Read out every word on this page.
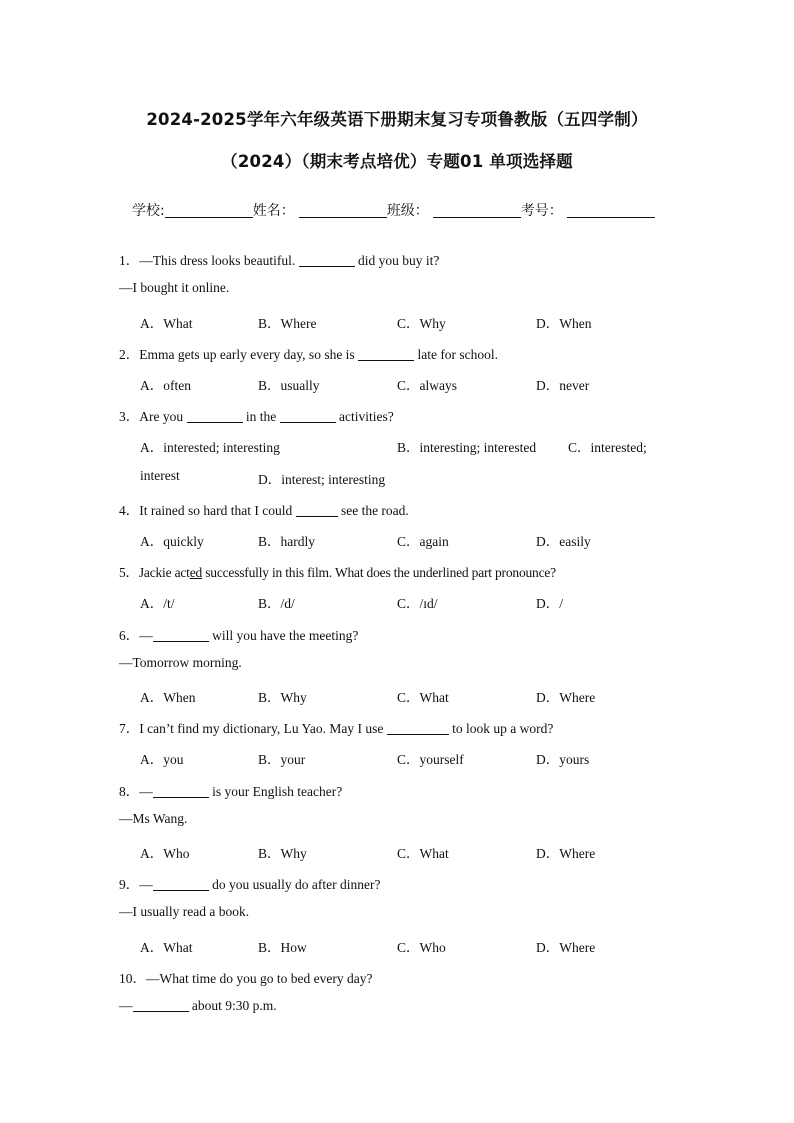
2024-2025学年六年级英语下册期末复习专项鲁教版（五四学制）
（2024）（期末考点培优）专题01 单项选择题
学校:	姓名：	班级：	考号：
1．—This dress looks beautiful.	did you buy it?
—I bought it online.
A．What	B．Where	C．Why	D．When
2．Emma gets up early every day, so she is	late for school.
A．often	B．usually	C．always	D．never
3．Are you	in the	activities?
A．interested; interesting	B．interesting; interested C．interested;
interest	D．interest; interesting
4．It rained so hard that I could	see the road.
A．quickly	B．hardly	C．again	D．easily
5．Jackie acted successfully in this film. What does the underlined part pronounce?
A．/t/	B．/d/	C．/ɪd/	D．/
6．—	will you have the meeting?
—Tomorrow morning.
A．When	B．Why	C．What	D．Where
7．I can’t find my dictionary, Lu Yao. May I use	to look up a word?
A．you	B．your	C．yourself	D．yours
8．—	is your English teacher?
—Ms Wang.
A．Who	B．Why	C．What	D．Where
9．—	do you usually do after dinner?
—I usually read a book.
A．What	B．How	C．Who	D．Where
10．—What time do you go to bed every day?
—	about 9:30 p.m.
